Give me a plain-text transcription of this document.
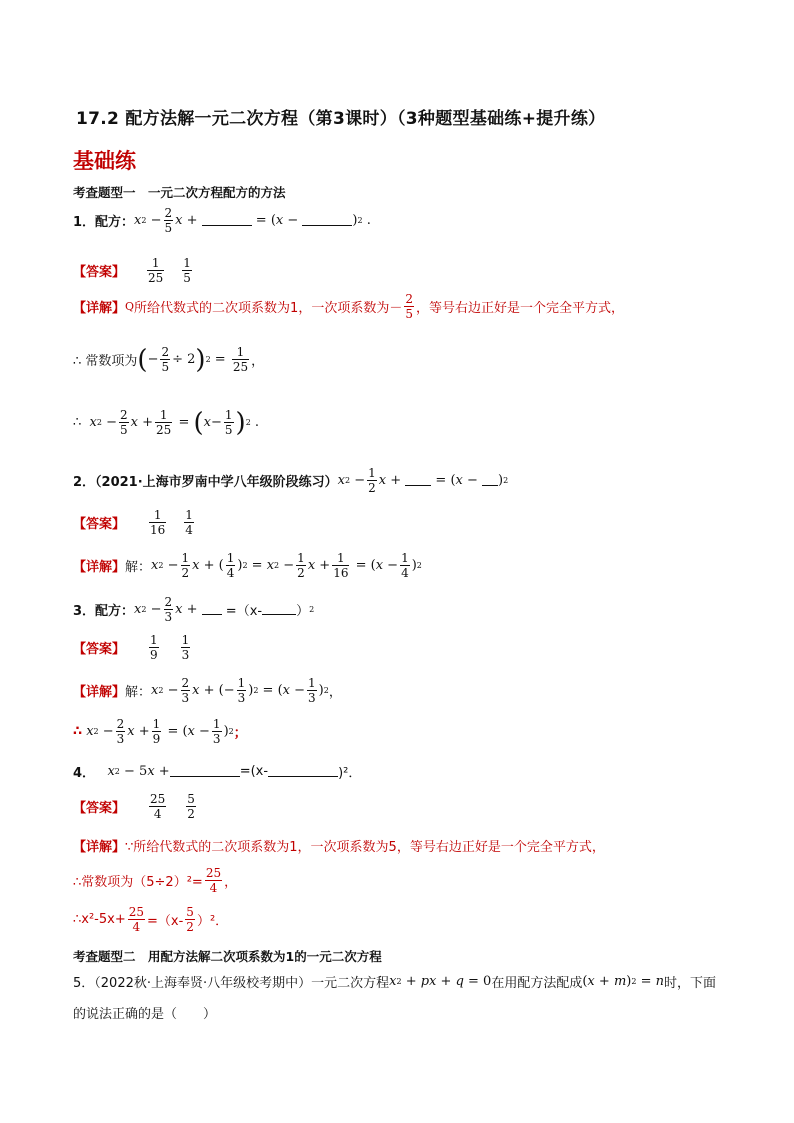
17.2 配方法解一元二次方程（第3课时）（3种题型基础练+提升练）
基础练
考查题型一　一元二次方程配方的方法
1．配方： x $2 - \frac{2}{5}$ x +	= ( x −	) 2 .
【答案】 $\frac{1}{25} \frac{1}{5}$
【详解】 Q 所给代数式的二次项系数为1，一次项系数为－ $\frac{2}{5}$ ，等号右边正好是一个完全平方式，
∴ 常数项为 ( − $\frac{2}{5} \div 2$ ) $2 = \frac{1}{25}$ ，
∴
x $2 - \frac{2}{5}$ $x + \frac{1}{25}$ = ( $x - \frac{1}{5}$ ) 2 .
2．（2021·上海市罗南中学八年级阶段练习） x $2 - \frac{1}{2}$ x + = ( x − ) 2
【答案】 $\frac{1}{16} \frac{1}{4}$
【详解】 解： x $2 - \frac{1}{2}$ x + ( $\frac{1}{4}$ ) 2 = x $2 - \frac{1}{2}$ $x + \frac{1}{16}$ = ( $x - \frac{1}{4}$ ) 2
3．配方： x $2 - \frac{2}{3}$ x + =（x-	） 2
【答案】 $\frac{1}{9} \frac{1}{3}$
【详解】 解： x $2 - \frac{2}{3}$ x + (− $\frac{1}{3}$ ) 2 = ( $x - \frac{1}{3}$ ) 2 ，
∴
x $2 - \frac{2}{3}$ $x + \frac{1}{9}$ = ( $x - \frac{1}{3}$ ) 2 ；
4．
x 2 − 5 x +	=(x-	)²．
【答案】 $\frac{25}{4} \frac{5}{2}$
【详解】 ∵所给代数式的二次项系数为1，一次项系数为5，等号右边正好是一个完全平方式，
∴常数项为$(5\div 2)^2= \frac{25}{4}$ ，
∴x²-5x+ $\frac{25}{4} =(x- \frac{5}{2} )^2$ ．
考查题型二　用配方法解二次项系数为1的一元二次方程
5．（2022秋·上海奉贤·八年级校考期中）一元二次方程 x 2 + px + q = 0 在用配方法配成 ( x + m ) 2 = n 时，下面
的说法正确的是（　　）
